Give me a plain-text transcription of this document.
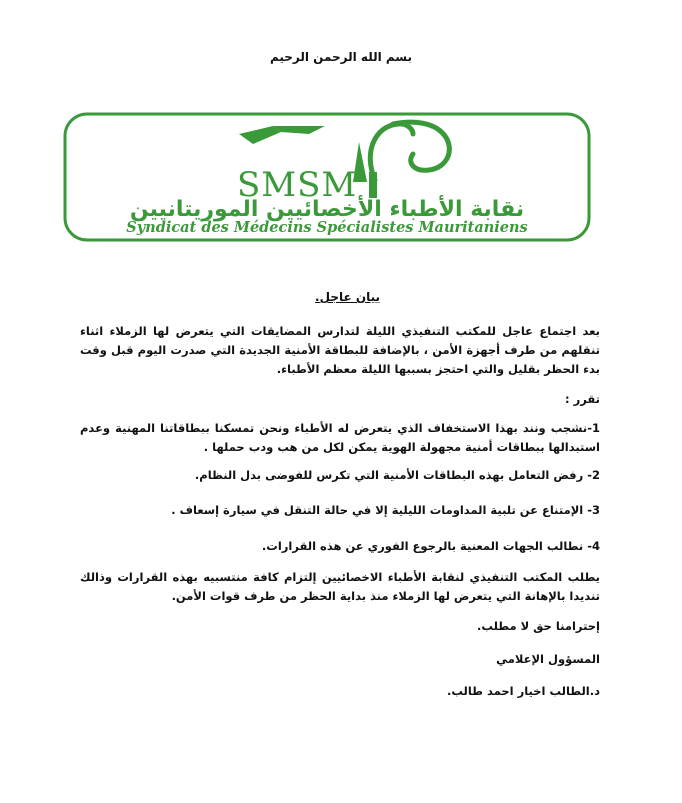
بسم الله الرحمن الرحيم
SMSM
نقابة الأطباء الأخصائيين الموريتانيين
Syndicat des Médecins Spécialistes Mauritaniens
بيان عاجل.
بعد اجتماع عاجل للمكتب التنفيذي الليلة لتدارس المضايقات التي يتعرض لها الزملاء اثناء تنقلهم من طرف أجهزة الأمن ، بالإضافة للبطاقة الأمنية الجديدة التي صدرت اليوم قبل وقت بدء الحظر بقليل والتي احتجز بسببها الليلة معظم الأطباء.
تقرر :
1-نشجب ونند بهذا الاستخفاف الذي يتعرض له الأطباء ونحن تمسكنا ببطاقاتنا المهنية وعدم استبدالها ببطاقات أمنية مجهولة الهوية يمكن لكل من هب ودب حملها .
2- رفض التعامل بهذه البطاقات الأمنية التي تكرس للفوضى بدل النظام.
3- الإمتناع عن تلبية المداومات الليلية إلا في حالة التنقل في سيارة إسعاف .
4- نطالب الجهات المعنية بالرجوع الفوري عن هذه القرارات.
يطلب المكتب التنفيذي لنقابة الأطباء الاخصائيين إلتزام كافة منتسبيه بهذه القرارات وذالك تنديدا بالإهانة التي يتعرض لها الزملاء منذ بداية الحظر من طرف قوات الأمن.
إحترامنا حق لا مطلب.
المسؤول الإعلامي
د.الطالب اخيار احمد طالب.
